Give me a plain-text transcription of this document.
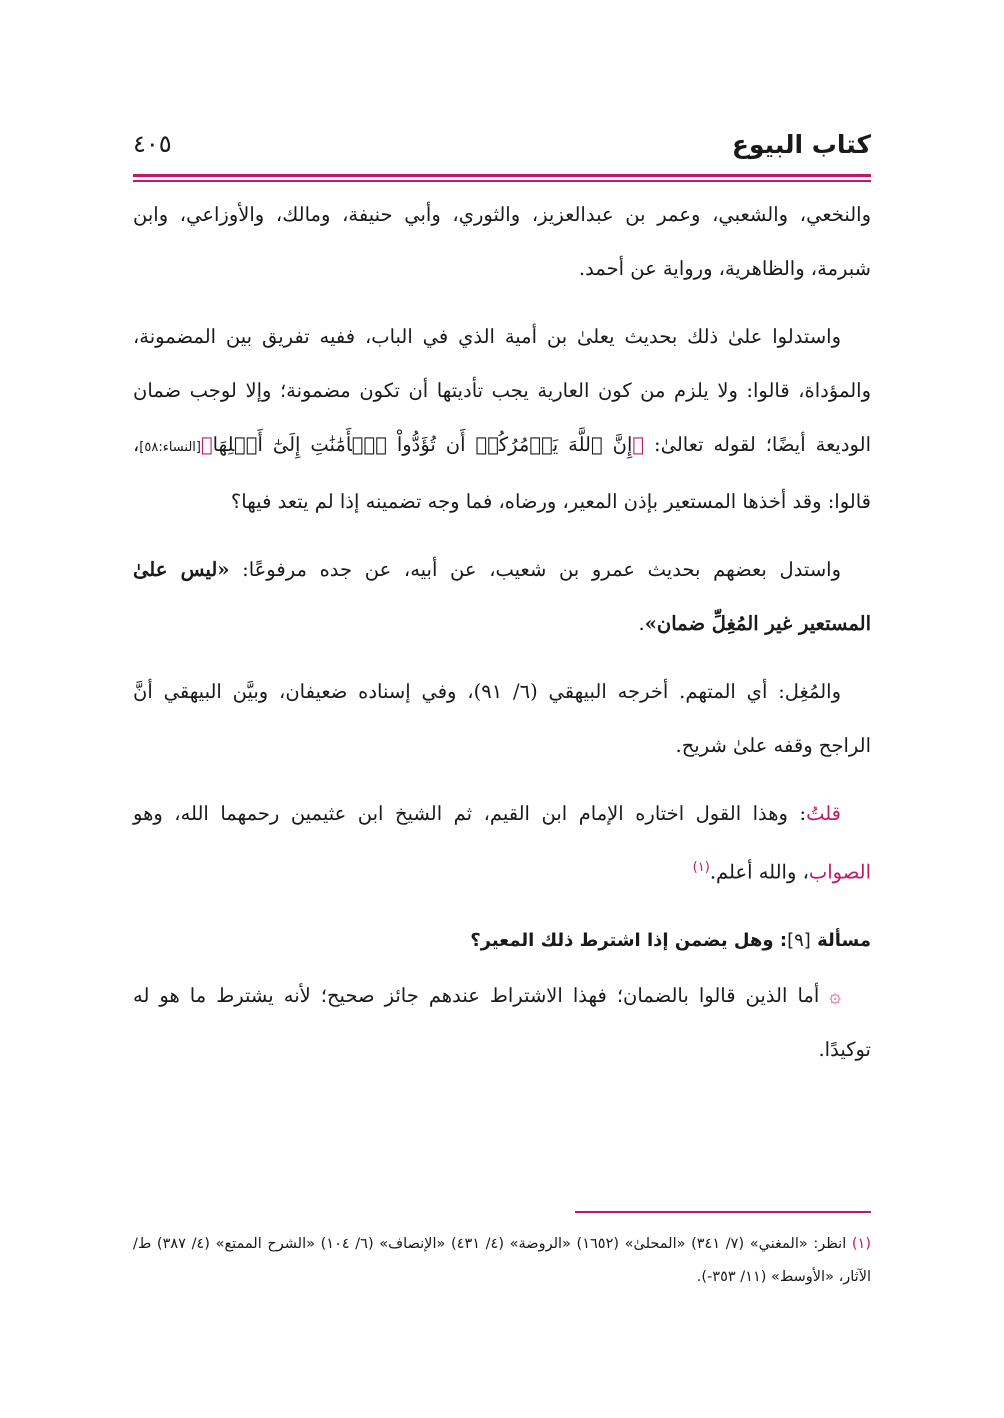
كتاب البيوع
٤٠٥

والنخعي، والشعبي، وعمر بن عبدالعزيز، والثوري، وأبي حنيفة، ومالك، والأوزاعي، وابن شبرمة، والظاهرية، ورواية عن أحمد.

واستدلوا علىٰ ذلك بحديث يعلىٰ بن أمية الذي في الباب، ففيه تفريق بين المضمونة، والمؤداة، قالوا: ولا يلزم من كون العارية يجب تأديتها أن تكون مضمونة؛ وإلا لوجب ضمان الوديعة أيضًا؛ لقوله تعالىٰ: ﴿إِنَّ ٱللَّهَ يَأۡمُرُكُمۡ أَن تُؤَدُّواْ ٱلۡأَمَٰنَٰتِ إِلَىٰٓ أَهۡلِهَا﴾[النساء:٥٨]، قالوا: وقد أخذها المستعير بإذن المعير، ورضاه، فما وجه تضمينه إذا لم يتعد فيها؟

واستدل بعضهم بحديث عمرو بن شعيب، عن أبيه، عن جده مرفوعًا: «ليس علىٰ المستعير غير المُغِلِّ ضمان».

والمُغِل: أي المتهم. أخرجه البيهقي (٦/ ٩١)، وفي إسناده ضعيفان، وبيَّن البيهقي أنَّ الراجح وقفه علىٰ شريح.

قلتُ: وهذا القول اختاره الإمام ابن القيم، ثم الشيخ ابن عثيمين رحمهما الله، وهو الصواب، والله أعلم.$^{(١)}$

مسألة [٩]: وهل يضمن إذا اشترط ذلك المعير؟

۞ أما الذين قالوا بالضمان؛ فهذا الاشتراط عندهم جائز صحيح؛ لأنه يشترط ما هو له توكيدًا.

(١) انظر: «المغني» (٧/ ٣٤١) «المحلىٰ» (١٦٥٢) «الروضة» (٤/ ٤٣١) «الإنصاف» (٦/ ١٠٤) «الشرح الممتع» (٤/ ٣٨٧) ط/ الآثار، «الأوسط» (١١/ ٣٥٣-).
